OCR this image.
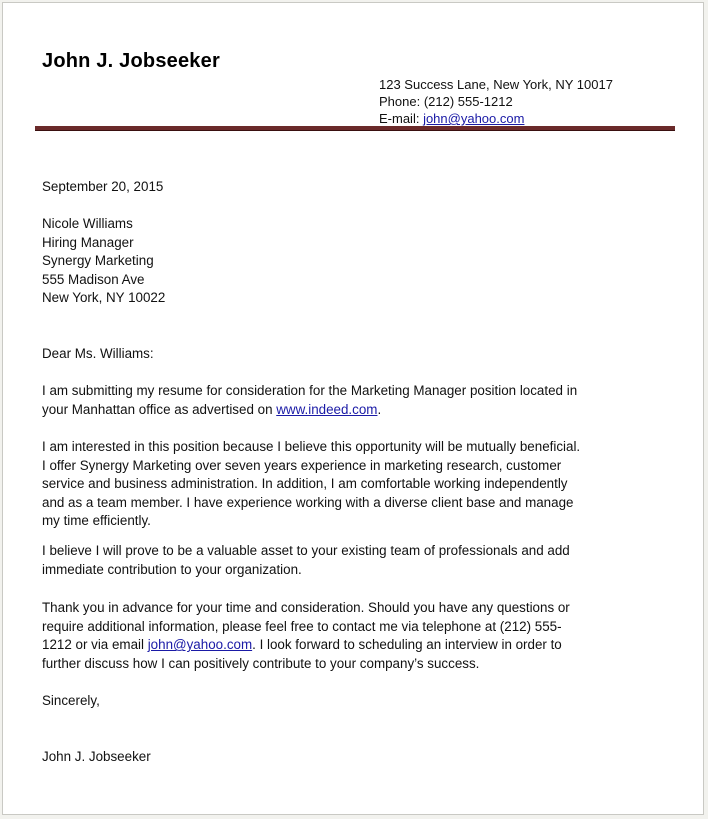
John J. Jobseeker
123 Success Lane, New York, NY 10017
Phone: (212) 555-1212
E-mail: john@yahoo.com
September 20, 2015
Nicole Williams
Hiring Manager
Synergy Marketing
555 Madison Ave
New York, NY 10022
Dear Ms. Williams:
I am submitting my resume for consideration for the Marketing Manager position located in
your Manhattan office as advertised on www.indeed.com.
I am interested in this position because I believe this opportunity will be mutually beneficial.
I offer Synergy Marketing over seven years experience in marketing research, customer
service and business administration. In addition, I am comfortable working independently
and as a team member. I have experience working with a diverse client base and manage
my time efficiently.
I believe I will prove to be a valuable asset to your existing team of professionals and add
immediate contribution to your organization.
Thank you in advance for your time and consideration. Should you have any questions or
require additional information, please feel free to contact me via telephone at (212) 555-
1212 or via email john@yahoo.com. I look forward to scheduling an interview in order to
further discuss how I can positively contribute to your company’s success.
Sincerely,
John J. Jobseeker
